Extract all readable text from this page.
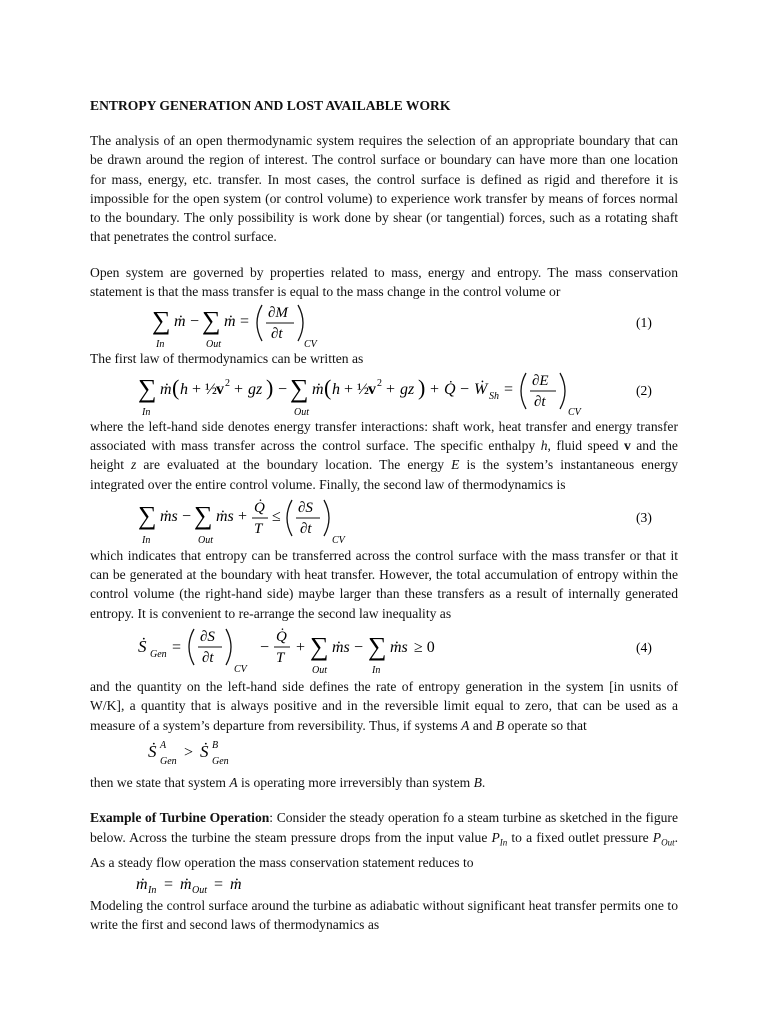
ENTROPY GENERATION AND LOST AVAILABLE WORK

The analysis of an open thermodynamic system requires the selection of an appropriate boundary that can be drawn around the region of interest. The control surface or boundary can have more than one location for mass, energy, etc. transfer. In most cases, the control surface is defined as rigid and therefore it is impossible for the open system (or control volume) to experience work transfer by means of forces normal to the boundary. The only possibility is work done by shear (or tangential) forces, such as a rotating shaft that penetrates the control surface.

Open system are governed by properties related to mass, energy and entropy. The mass conservation statement is that the mass transfer is equal to the mass change in the control volume or

∑ ṁ − ∑ ṁ = ∂M
∂t
In	Out	CV
(1)

The first law of thermodynamics can be written as

∑ ṁ ( h + ½
v 2 + gz ) − ∑ ṁ ( h + ½
v 2 + gz ) + Q̇ − Ẇ Sh = ∂E
∂t
In	Out	CV
(2)

where the left-hand side denotes energy transfer interactions: shaft work, heat transfer and energy transfer associated with mass transfer across the control surface. The specific enthalpy h, fluid speed v and the height z are evaluated at the boundary location. The energy E is the system’s instantaneous energy integrated over the entire control volume. Finally, the second law of thermodynamics is

∑ ṁs − ∑ ṁs + Q̇
T
≤ ∂S
∂t
In	Out	CV
(3)

which indicates that entropy can be transferred across the control surface with the mass transfer or that it can be generated at the boundary with heat transfer. However, the total accumulation of entropy within the control volume (the right-hand side) maybe larger than these transfers as a result of internally generated entropy. It is convenient to re-arrange the second law inequality as

Ṡ Gen =
∂S
∂t
CV
−
Q̇
T
+ ∑ ṁs − ∑ ṁs ≥ 0
Out	In
(4)

and the quantity on the left-hand side defines the rate of entropy generation in the system [in usnits of W/K], a quantity that is always positive and in the reversible limit equal to zero, that can be used as a measure of a system’s departure from reversibility. Thus, if systems A and B operate so that

Ṡ A
Gen
> Ṡ B
Gen

then we state that system A is operating more irreversibly than system B.

Example of Turbine Operation: Consider the steady operation fo a steam turbine as sketched in the figure below. Across the turbine the steam pressure drops from the input value $P_{In}$ to a fixed outlet pressure $P_{Out}$. As a steady flow operation the mass conservation statement reduces to

ṁ In = ṁ Out = ṁ

Modeling the control surface around the turbine as adiabatic without significant heat transfer permits one to write the first and second laws of thermodynamics as
